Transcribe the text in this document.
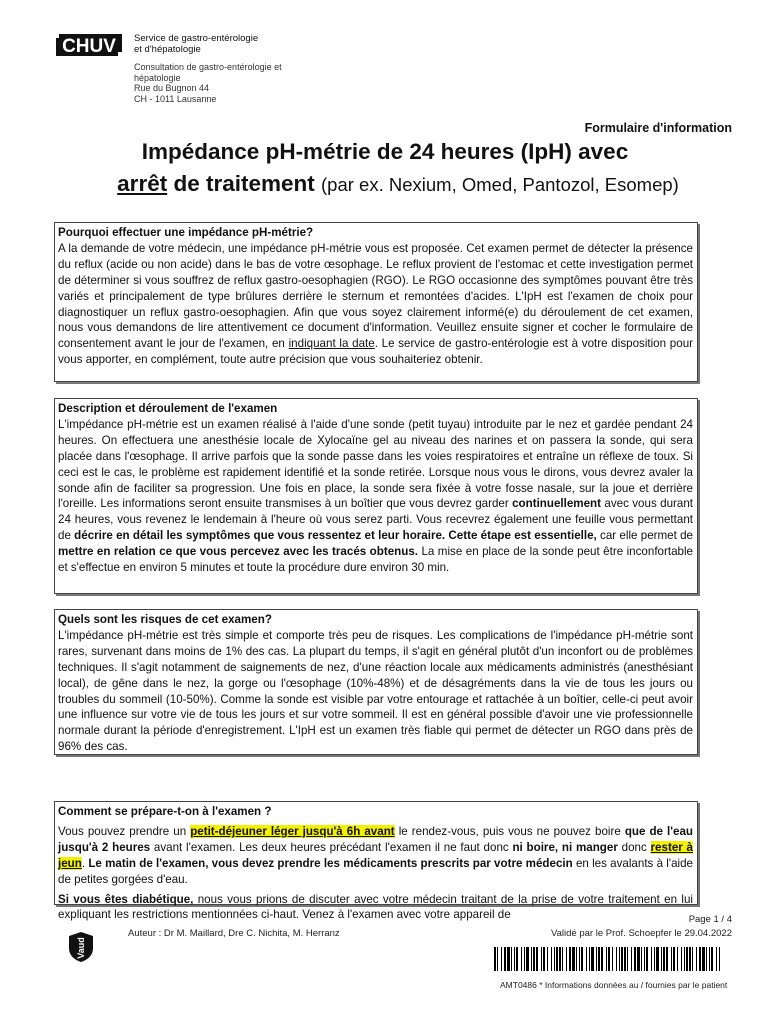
CHUV Service de gastro-entérologie
et d'hépatologie
Consultation de gastro-entérologie et
hépatologie
Rue du Bugnon 44
CH - 1011 Lausanne
Formulaire d'information
Impédance pH-métrie de 24 heures (IpH) avec
arrêt de traitement (par ex. Nexium, Omed, Pantozol, Esomep)
Pourquoi effectuer une impédance pH-métrie?

A la demande de votre médecin, une impédance pH-métrie vous est proposée. Cet examen permet de détecter la présence du reflux (acide ou non acide) dans le bas de votre œsophage. Le reflux provient de l'estomac et cette investigation permet de déterminer si vous souffrez de reflux gastro-oesophagien (RGO). Le RGO occasionne des symptômes pouvant être très variés et principalement de type brûlures derrière le sternum et remontées d'acides. L'IpH est l'examen de choix pour diagnostiquer un reflux gastro-oesophagien. Afin que vous soyez clairement informé(e) du déroulement de cet examen, nous vous demandons de lire attentivement ce document d'information. Veuillez ensuite signer et cocher le formulaire de consentement avant le jour de l'examen, en indiquant la date. Le service de gastro-entérologie est à votre disposition pour vous apporter, en complément, toute autre précision que vous souhaiteriez obtenir.

Description et déroulement de l'examen

L'impédance pH-métrie est un examen réalisé à l'aide d'une sonde (petit tuyau) introduite par le nez et gardée pendant 24 heures. On effectuera une anesthésie locale de Xylocaïne gel au niveau des narines et on passera la sonde, qui sera placée dans l'œsophage. Il arrive parfois que la sonde passe dans les voies respiratoires et entraîne un réflexe de toux. Si ceci est le cas, le problème est rapidement identifié et la sonde retirée. Lorsque nous vous le dirons, vous devrez avaler la sonde afin de faciliter sa progression. Une fois en place, la sonde sera fixée à votre fosse nasale, sur la joue et derrière l'oreille. Les informations seront ensuite transmises à un boîtier que vous devrez garder continuellement avec vous durant 24 heures, vous revenez le lendemain à l'heure où vous serez parti. Vous recevrez également une feuille vous permettant de décrire en détail les symptômes que vous ressentez et leur horaire. Cette étape est essentielle, car elle permet de mettre en relation ce que vous percevez avec les tracés obtenus. La mise en place de la sonde peut être inconfortable et s'effectue en environ 5 minutes et toute la procédure dure environ 30 min.

Quels sont les risques de cet examen?

L'impédance pH-métrie est très simple et comporte très peu de risques. Les complications de l'impédance pH-métrie sont rares, survenant dans moins de 1% des cas. La plupart du temps, il s'agit en général plutôt d'un inconfort ou de problèmes techniques. Il s'agit notamment de saignements de nez, d'une réaction locale aux médicaments administrés (anesthésiant local), de gêne dans le nez, la gorge ou l'œsophage (10%-48%) et de désagréments dans la vie de tous les jours ou troubles du sommeil (10-50%). Comme la sonde est visible par votre entourage et rattachée à un boîtier, celle-ci peut avoir une influence sur votre vie de tous les jours et sur votre sommeil. Il est en général possible d'avoir une vie professionnelle normale durant la période d'enregistrement. L'IpH est un examen très fiable qui permet de détecter un RGO dans près de 96% des cas.

Comment se prépare-t-on à l'examen ?

Vous pouvez prendre un petit-déjeuner léger jusqu'à 6h avant le rendez-vous, puis vous ne pouvez boire que de l'eau jusqu'à 2 heures avant l'examen. Les deux heures précédant l'examen il ne faut donc ni boire, ni manger donc rester à jeun. Le matin de l'examen, vous devez prendre les médicaments prescrits par votre médecin en les avalants à l'aide de petites gorgées d'eau.

Si vous êtes diabétique, nous vous prions de discuter avec votre médecin traitant de la prise de votre traitement en lui expliquant les restrictions mentionnées ci-haut. Venez à l'examen avec votre appareil de	Page 1 / 4
Auteur : Dr M. Maillard, Dre C. Nichita, M. Herranz	Validé par le Prof. Schoepfer le 29.04.2022
Vaud
AMT0486 * Informations données au / fournies par le patient
